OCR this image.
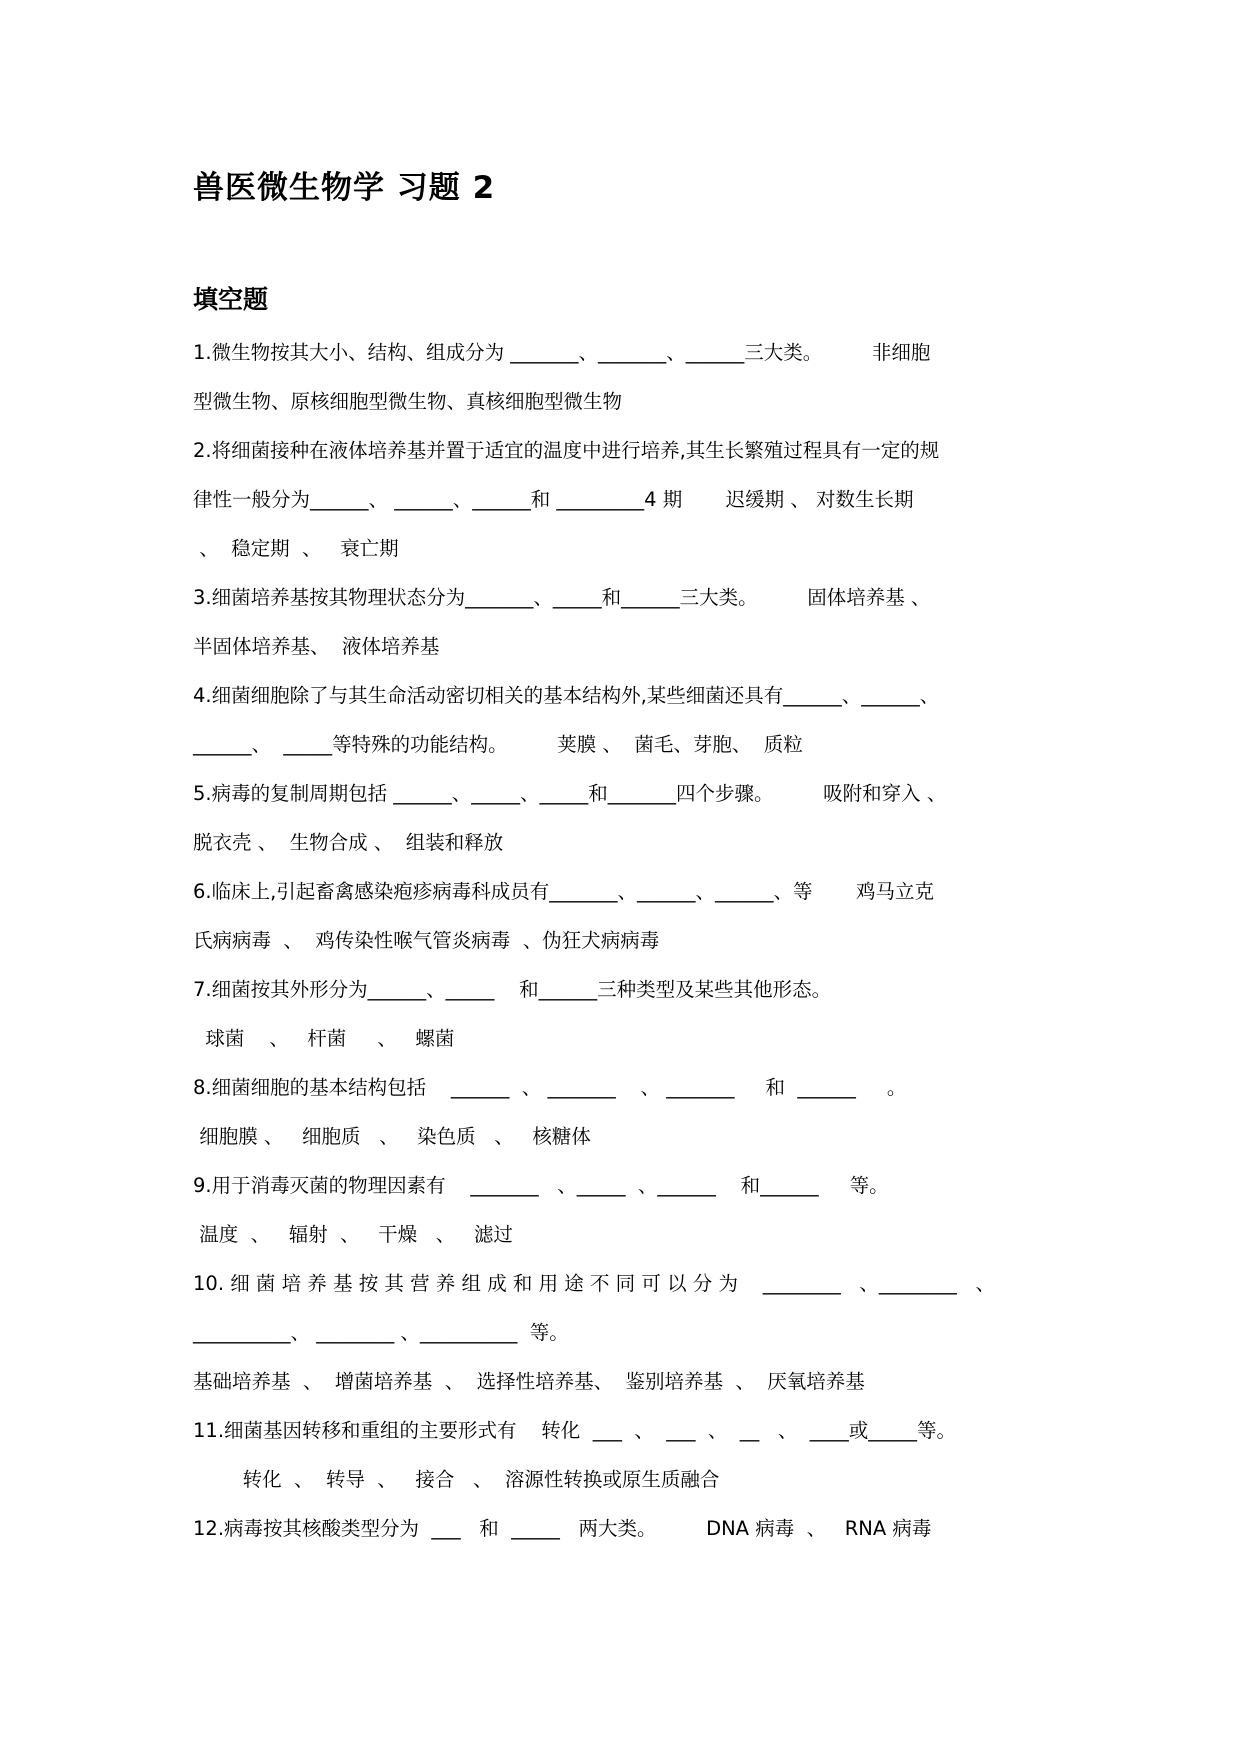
兽医微生物学 习题 2
填空题
1.微生物按其大小、结构、组成分为 _______、_______、______三大类。        非细胞
型微生物、原核细胞型微生物、真核细胞型微生物
2.将细菌接种在液体培养基并置于适宜的温度中进行培养,其生长繁殖过程具有一定的规
律性一般分为______、 ______、______和 _________4 期       迟缓期 、 对数生长期
、  稳定期  、   衰亡期
3.细菌培养基按其物理状态分为_______、_____和______三大类。        固体培养基 、
半固体培养基、  液体培养基
4.细菌细胞除了与其生命活动密切相关的基本结构外,某些细菌还具有______、______、
______、  _____等特殊的功能结构。        荚膜 、  菌毛、芽胞、  质粒
5.病毒的复制周期包括 ______、_____、_____和_______四个步骤。        吸附和穿入 、
脱衣壳 、  生物合成 、  组装和释放
6.临床上,引起畜禽感染疱疹病毒科成员有_______、______、______、等       鸡马立克
氏病病毒  、  鸡传染性喉气管炎病毒  、伪狂犬病病毒
7.细菌按其外形分为______、_____    和______三种类型及某些其他形态。
球菌    、   杆菌     、   螺菌
8.细菌细胞的基本结构包括    ______  、 _______    、 _______     和  ______     。
细胞膜 、   细胞质   、   染色质   、   核糖体
9.用于消毒灭菌的物理因素有    _______   、_____  、______    和______     等。
温度  、   辐射  、   干燥   、   滤过
10. 细 菌 培 养 基 按 其 营 养 组 成 和 用 途 不 同 可 以 分 为    ________   、________   、
__________、 ________ 、__________  等。
基础培养基  、  增菌培养基  、  选择性培养基、  鉴别培养基  、  厌氧培养基
11.细菌基因转移和重组的主要形式有    转化  ___  、  ___  、  __   、  ____或_____等。
转化  、  转导  、   接合   、  溶源性转换或原生质融合
12.病毒按其核酸类型分为  ___   和  _____   两大类。        DNA 病毒  、   RNA 病毒
